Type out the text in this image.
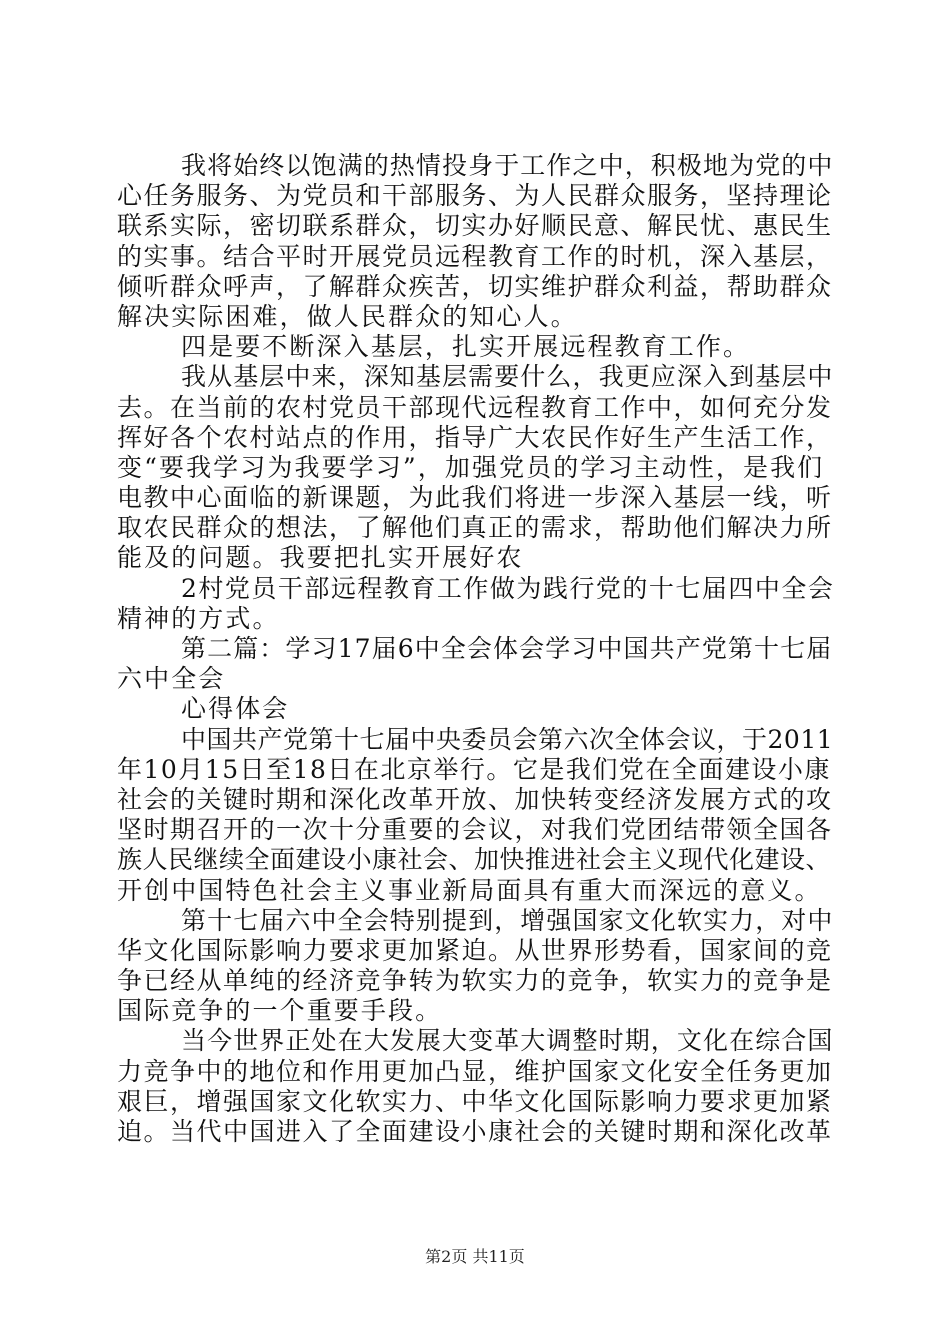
我将始终以饱满的热情投身于工作之中，积极地为党的中
心任务服务、为党员和干部服务、为人民群众服务，坚持理论
联系实际，密切联系群众，切实办好顺民意、解民忧、惠民生
的实事。结合平时开展党员远程教育工作的时机，深入基层，
倾听群众呼声，了解群众疾苦，切实维护群众利益，帮助群众
解决实际困难，做人民群众的知心人。
四是要不断深入基层，扎实开展远程教育工作。
我从基层中来，深知基层需要什么，我更应深入到基层中
去。在当前的农村党员干部现代远程教育工作中，如何充分发
挥好各个农村站点的作用，指导广大农民作好生产生活工作，
变“要我学习为我要学习”，加强党员的学习主动性，是我们
电教中心面临的新课题，为此我们将进一步深入基层一线，听
取农民群众的想法，了解他们真正的需求，帮助他们解决力所
能及的问题。我要把扎实开展好农
2村党员干部远程教育工作做为践行党的十七届四中全会
精神的方式。
第二篇：学习17届6中全会体会学习中国共产党第十七届
六中全会
心得体会
中国共产党第十七届中央委员会第六次全体会议，于2011
年10月15日至18日在北京举行。它是我们党在全面建设小康
社会的关键时期和深化改革开放、加快转变经济发展方式的攻
坚时期召开的一次十分重要的会议，对我们党团结带领全国各
族人民继续全面建设小康社会、加快推进社会主义现代化建设、
开创中国特色社会主义事业新局面具有重大而深远的意义。
第十七届六中全会特别提到，增强国家文化软实力，对中
华文化国际影响力要求更加紧迫。从世界形势看，国家间的竞
争已经从单纯的经济竞争转为软实力的竞争，软实力的竞争是
国际竞争的一个重要手段。
当今世界正处在大发展大变革大调整时期，文化在综合国
力竞争中的地位和作用更加凸显，维护国家文化安全任务更加
艰巨，增强国家文化软实力、中华文化国际影响力要求更加紧
迫。当代中国进入了全面建设小康社会的关键时期和深化改革
第2页 共11页
